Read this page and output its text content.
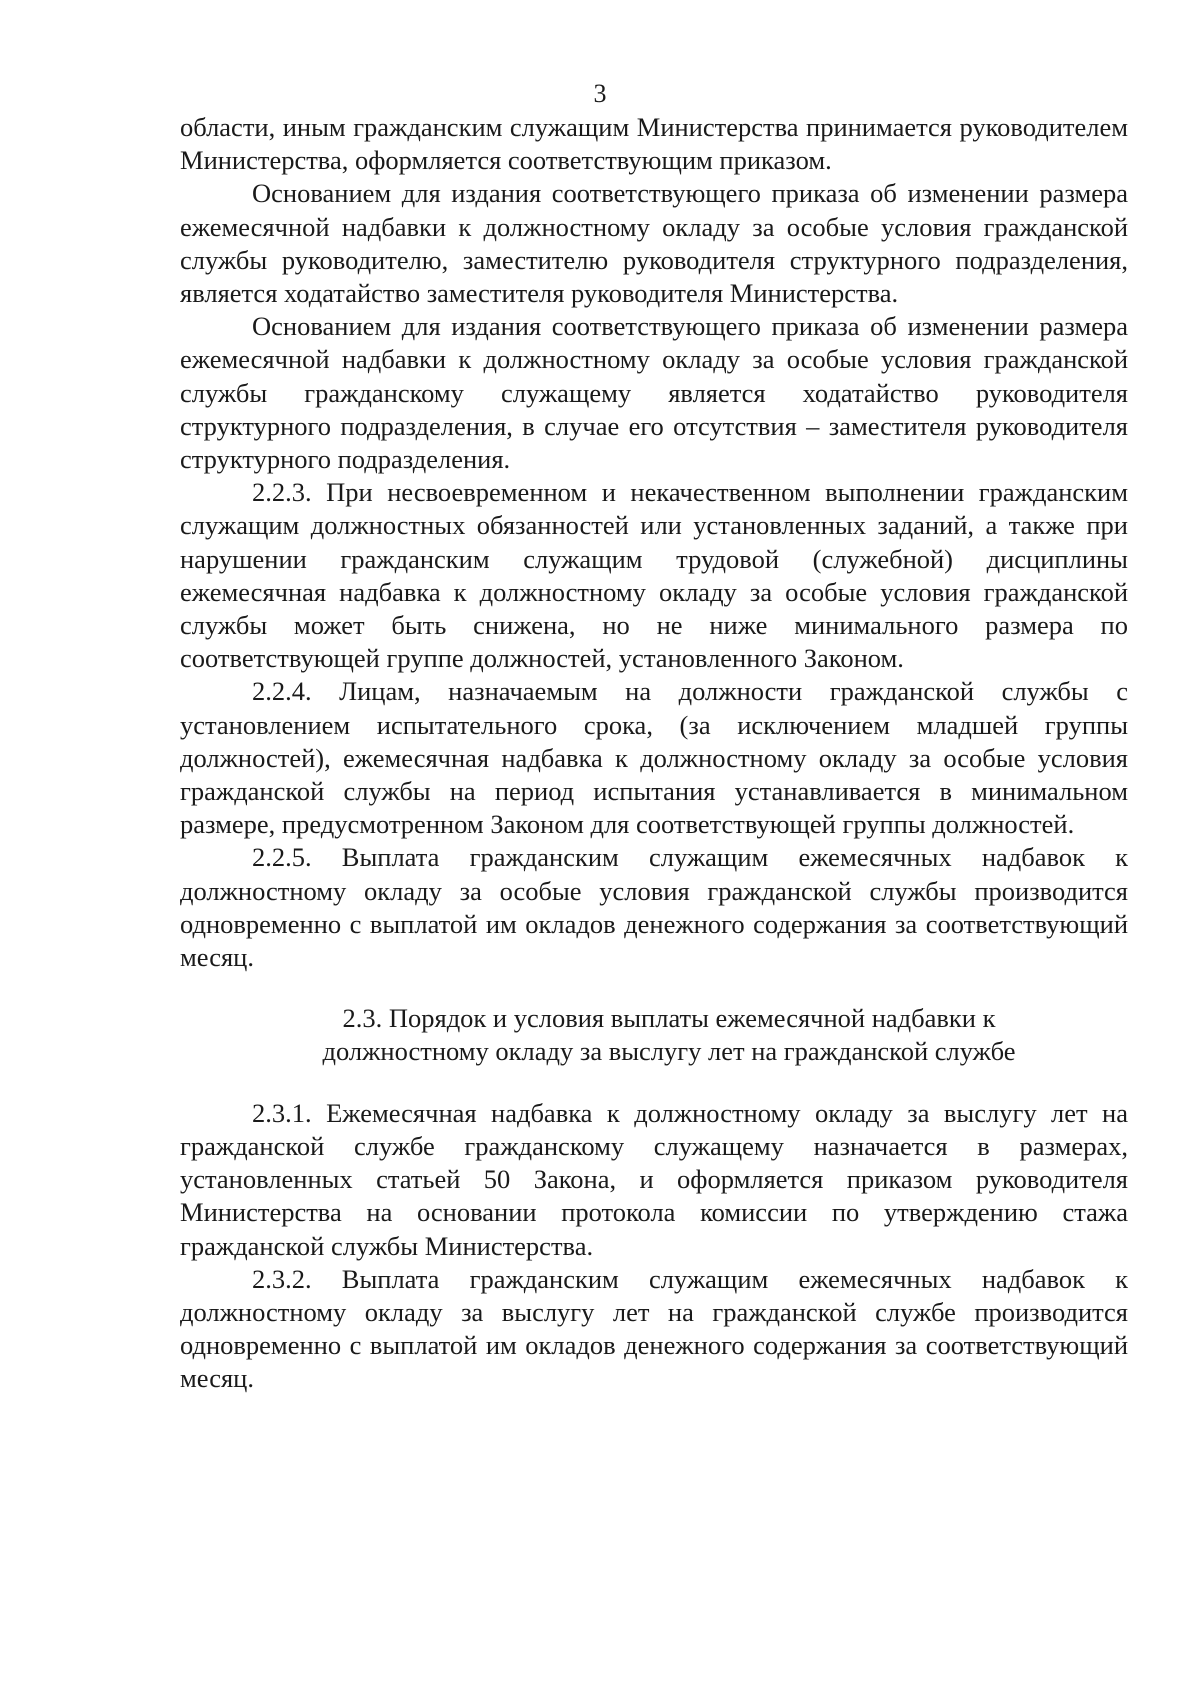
3

области, иным гражданским служащим Министерства принимается руководителем Министерства, оформляется соответствующим приказом.

Основанием для издания соответствующего приказа об изменении размера ежемесячной надбавки к должностному окладу за особые условия гражданской службы руководителю, заместителю руководителя структурного подразделения, является ходатайство заместителя руководителя Министерства.

Основанием для издания соответствующего приказа об изменении размера ежемесячной надбавки к должностному окладу за особые условия гражданской службы гражданскому служащему является ходатайство руководителя структурного подразделения, в случае его отсутствия – заместителя руководителя структурного подразделения.

2.2.3. При несвоевременном и некачественном выполнении гражданским служащим должностных обязанностей или установленных заданий, а также при нарушении гражданским служащим трудовой (служебной) дисциплины ежемесячная надбавка к должностному окладу за особые условия гражданской службы может быть снижена, но не ниже минимального размера по соответствующей группе должностей, установленного Законом.

2.2.4. Лицам, назначаемым на должности гражданской службы с установлением испытательного срока, (за исключением младшей группы должностей), ежемесячная надбавка к должностному окладу за особые условия гражданской службы на период испытания устанавливается в минимальном размере, предусмотренном Законом для соответствующей группы должностей.

2.2.5. Выплата гражданским служащим ежемесячных надбавок к должностному окладу за особые условия гражданской службы производится одновременно с выплатой им окладов денежного содержания за соответствующий месяц.

2.3. Порядок и условия выплаты ежемесячной надбавки к должностному окладу за выслугу лет на гражданской службе

2.3.1. Ежемесячная надбавка к должностному окладу за выслугу лет на гражданской службе гражданскому служащему назначается в размерах, установленных статьей 50 Закона, и оформляется приказом руководителя Министерства на основании протокола комиссии по утверждению стажа гражданской службы Министерства.

2.3.2. Выплата гражданским служащим ежемесячных надбавок к должностному окладу за выслугу лет на гражданской службе производится одновременно с выплатой им окладов денежного содержания за соответствующий месяц.
